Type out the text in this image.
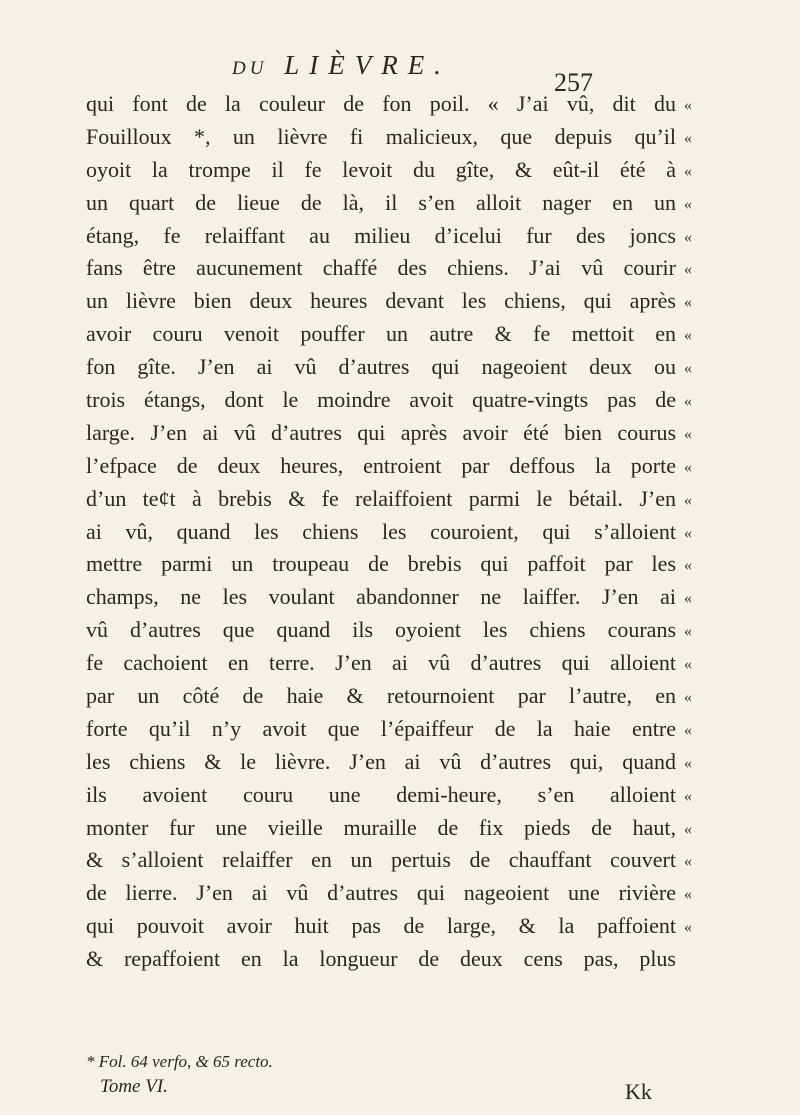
DU LIÈVRE.
257
qui font de la couleur de fon poil. « J’ai vû, dit du
Fouilloux *, un lièvre fi malicieux, que depuis qu’il
oyoit la trompe il fe levoit du gîte, & eût-il été à
un quart de lieue de là, il s’en alloit nager en un
étang, fe relaiffant au milieu d’icelui fur des joncs
fans être aucunement chaffé des chiens. J’ai vû courir
un lièvre bien deux heures devant les chiens, qui après
avoir couru venoit pouffer un autre & fe mettoit en
fon gîte. J’en ai vû d’autres qui nageoient deux ou
trois étangs, dont le moindre avoit quatre-vingts pas de
large. J’en ai vû d’autres qui après avoir été bien courus
l’efpace de deux heures, entroient par deffous la porte
d’un teȼt à brebis & fe relaiffoient parmi le bétail. J’en
ai vû, quand les chiens les couroient, qui s’alloient
mettre parmi un troupeau de brebis qui paffoit par les
champs, ne les voulant abandonner ne laiffer. J’en ai
vû d’autres que quand ils oyoient les chiens courans
fe cachoient en terre. J’en ai vû d’autres qui alloient
par un côté de haie & retournoient par l’autre, en
forte qu’il n’y avoit que l’épaiffeur de la haie entre
les chiens & le lièvre. J’en ai vû d’autres qui, quand
ils avoient couru une demi-heure, s’en alloient
monter fur une vieille muraille de fix pieds de haut,
& s’alloient relaiffer en un pertuis de chauffant couvert
de lierre. J’en ai vû d’autres qui nageoient une rivière
qui pouvoit avoir huit pas de large, & la paffoient
& repaffoient en la longueur de deux cens pas, plus
«
«
«
«
«
«
«
«
«
«
«
«
«
«
«
«
«
«
«
«
«
«
«
«
«
«
* Fol. 64 verfo, & 65 recto.
Tome VI.	Kk
